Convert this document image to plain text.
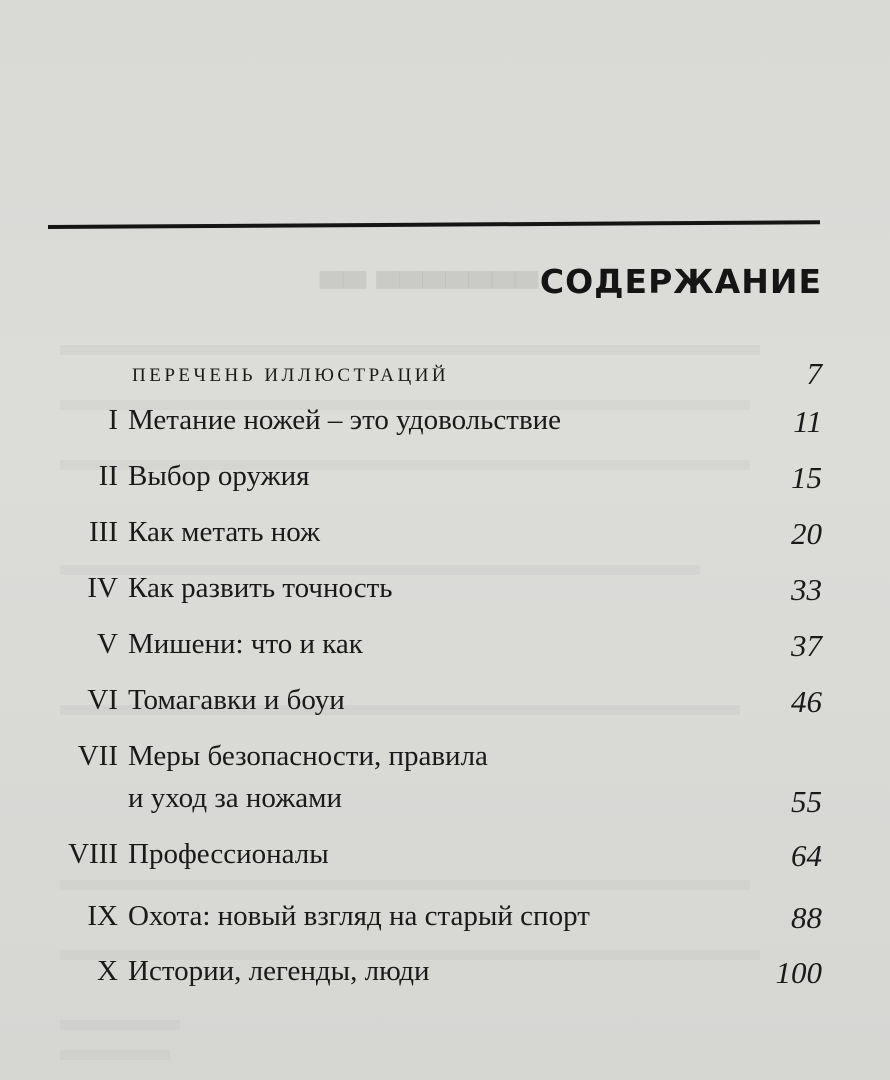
▀▀▀▀▀▀▀ ▀▀ СОДЕРЖАНИЕ
ПЕРЕЧЕНЬ ИЛЛЮСТРАЦИЙ	7
I Метание ножей – это удовольствие	11
II Выбор оружия	15
III Как метать нож	20
IV Как развить точность	33
V Мишени: что и как	37
VI Томагавки и боуи	46
VII Меры безопасности, правила
и уход за ножами	55
VIII Профессионалы	64
IX Охота: новый взгляд на старый спорт	88
X Истории, легенды, люди	100
